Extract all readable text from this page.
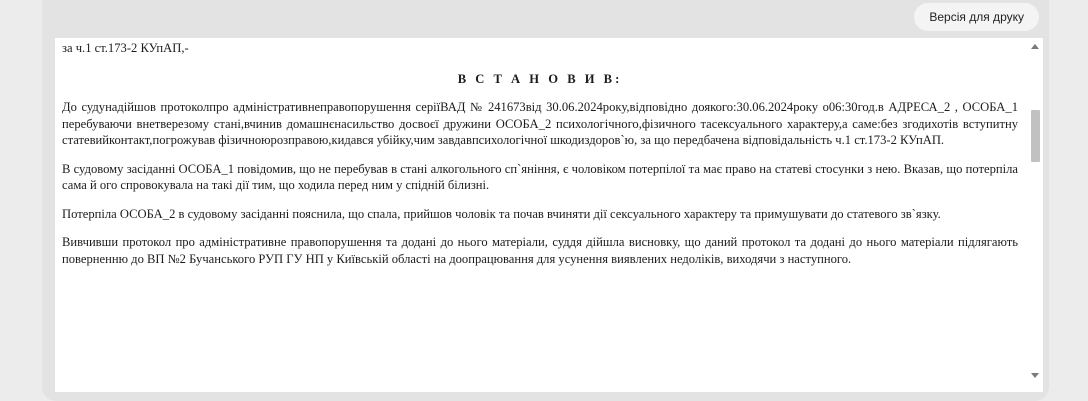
Версія для друку

за ч.1 ст.173-2 КУпАП,-

В С Т А Н О В И В:

До судунадійшов протоколпро адміністративнеправопорушення серіїВАД № 241673від 30.06.2024року,відповідно доякого:30.06.2024року о06:30год.в АДРЕСА_2 , ОСОБА_1 перебуваючи внетверезому стані,вчинив домашнєнасильство досвоєї дружини ОСОБА_2 психологічного,фізичного тасексуального характеру,а саме:без згодихотів вступитну статевийконтакт,погрожував фізичноюрозправою,кидався убійку,чим завдавпсихологічної шкодиздоров`ю, за що передбачена відповідальність ч.1 ст.173-2 КУпАП.

В судовому засіданні ОСОБА_1 повідомив, що не перебував в стані алкогольного сп`яніння, є чоловіком потерпілої та має право на статеві стосунки з нею. Вказав, що потерпіла сама й ого спровокувала на такі дії тим, що ходила перед ним у спідній білизні.

Потерпіла ОСОБА_2 в судовому засіданні пояснила, що спала, прийшов чоловік та почав вчиняти дії сексуального характеру та примушувати до статевого зв`язку.

Вивчивши протокол про адміністративне правопорушення та додані до нього матеріали, суддя дійшла висновку, що даний протокол та додані до нього матеріали підлягають поверненню до ВП №2 Бучанського РУП ГУ НП у Київській області на доопрацювання для усунення виявлених недоліків, виходячи з наступного.
